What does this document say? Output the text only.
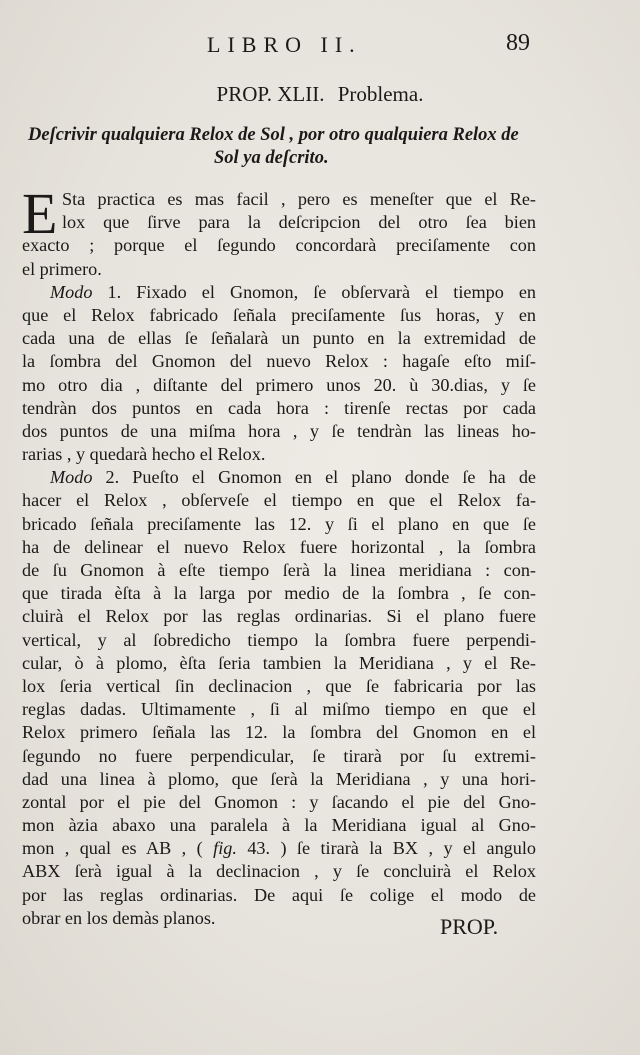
LIBRO II.	89
PROP. XLII. Problema.
Deſcrivir qualquiera Relox de Sol , por otro qualquiera Relox de
Sol ya deſcrito.
E Sta practica es mas facil , pero es meneſter que el Re-
lox que ſirve para la deſcripcion del otro ſea bien
exacto ; porque el ſegundo concordarà preciſamente con
el primero.
Modo 1. Fixado el Gnomon, ſe obſervarà el tiempo en
que el Relox fabricado ſeñala preciſamente ſus horas, y en
cada una de ellas ſe ſeñalarà un punto en la extremidad de
la ſombra del Gnomon del nuevo Relox : hagaſe eſto miſ-
mo otro dia , diſtante del primero unos 20. ù 30.dias, y ſe
tendràn dos puntos en cada hora : tirenſe rectas por cada
dos puntos de una miſma hora , y ſe tendràn las lineas ho-
rarias , y quedarà hecho el Relox.
Modo 2. Pueſto el Gnomon en el plano donde ſe ha de
hacer el Relox , obſerveſe el tiempo en que el Relox fa-
bricado ſeñala preciſamente las 12. y ſi el plano en que ſe
ha de delinear el nuevo Relox fuere horizontal , la ſombra
de ſu Gnomon à eſte tiempo ſerà la linea meridiana : con-
que tirada èſta à la larga por medio de la ſombra , ſe con-
cluirà el Relox por las reglas ordinarias. Si el plano fuere
vertical, y al ſobredicho tiempo la ſombra fuere perpendi-
cular, ò à plomo, èſta ſeria tambien la Meridiana , y el Re-
lox ſeria vertical ſin declinacion , que ſe fabricaria por las
reglas dadas. Ultimamente , ſi al miſmo tiempo en que el
Relox primero ſeñala las 12. la ſombra del Gnomon en el
ſegundo no fuere perpendicular, ſe tirarà por ſu extremi-
dad una linea à plomo, que ſerà la Meridiana , y una hori-
zontal por el pie del Gnomon : y ſacando el pie del Gno-
mon àzia abaxo una paralela à la Meridiana igual al Gno-
mon , qual es AB , ( fig. 43. ) ſe tirarà la BX , y el angulo
ABX ſerà igual à la declinacion , y ſe concluirà el Relox
por las reglas ordinarias. De aqui ſe colige el modo de
obrar en los demàs planos.	PROP.
